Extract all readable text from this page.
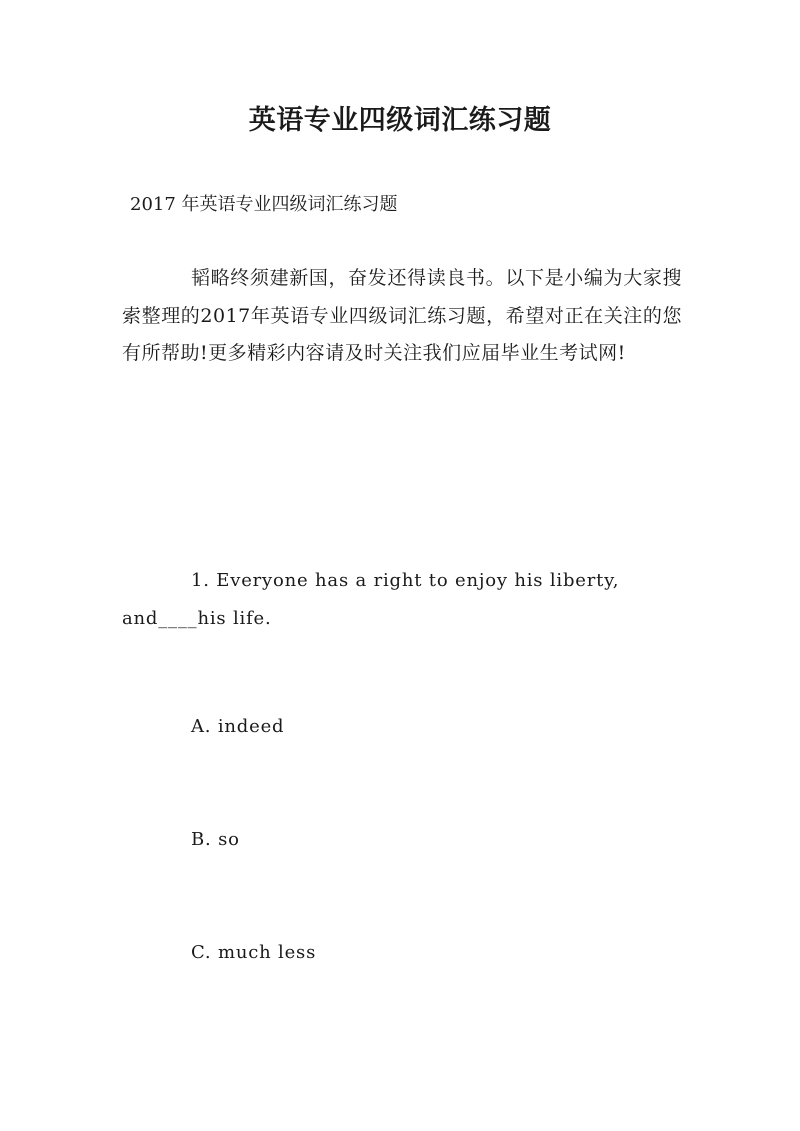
英语专业四级词汇练习题
2017 年英语专业四级词汇练习题
韬略终须建新国，奋发还得读良书。以下是小编为大家搜索整理的2017年英语专业四级词汇练习题，希望对正在关注的您有所帮助!更多精彩内容请及时关注我们应届毕业生考试网!
1. Everyone has a right to enjoy his liberty, and____his life.
A. indeed
B. so
C. much less
